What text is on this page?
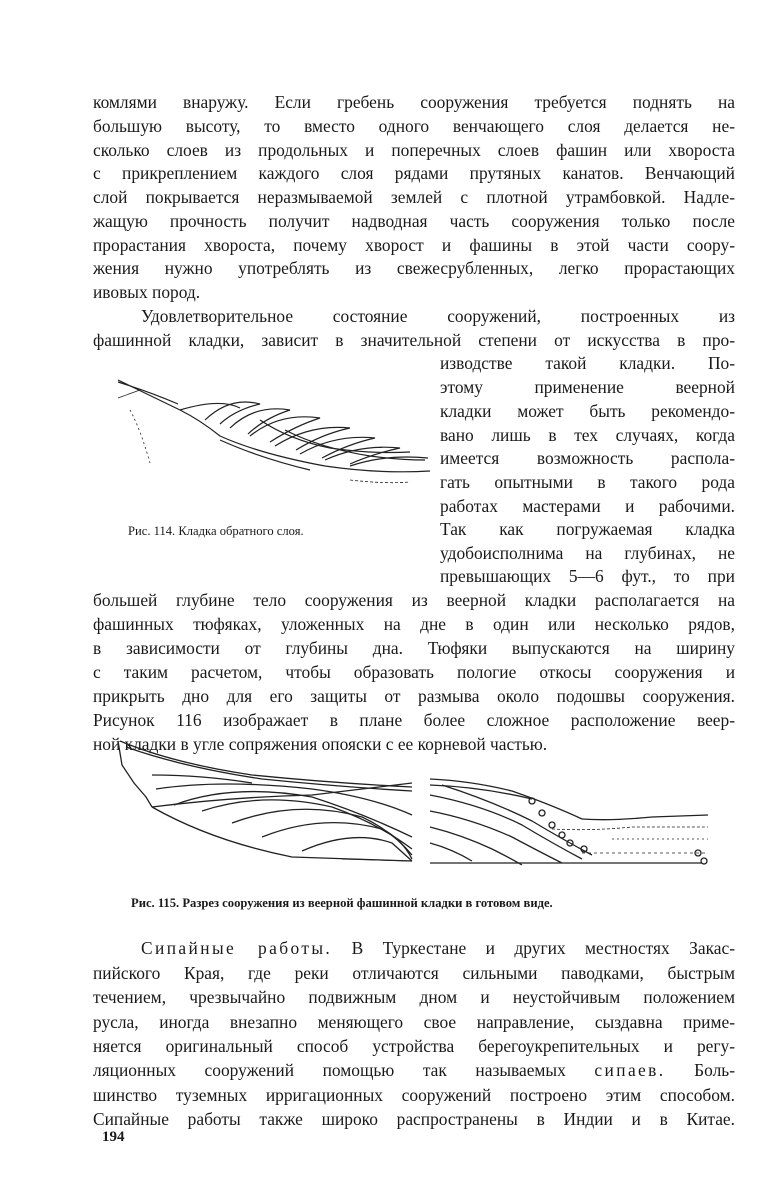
комлями внаружу. Если гребень сооружения требуется поднять на
большую высоту, то вместо одного венчающего слоя делается не-
сколько слоев из продольных и поперечных слоев фашин или хвороста
с прикреплением каждого слоя рядами прутяных канатов. Венчающий
слой покрывается неразмываемой землей с плотной утрамбовкой. Надле-
жащую прочность получит надводная часть сооружения только после
прорастания хвороста, почему хворост и фашины в этой части соору-
жения нужно употреблять из свежесрубленных, легко прорастающих
ивовых пород.
Удовлетворительное состояние сооружений, построенных из
фашинной кладки, зависит в значительной степени от искусства в про-
изводстве такой кладки. По-
этому применение веерной
кладки может быть рекомендо-
вано лишь в тех случаях, когда
имеется возможность распола-
гать опытными в такого рода
работах мастерами и рабочими.
Так как погружаемая кладка
удобоисполнима на глубинах, не
превышающих 5—6 фут., то при
Рис. 114. Кладка обратного слоя.
большей глубине тело сооружения из веерной кладки располагается на
фашинных тюфяках, уложенных на дне в один или несколько рядов,
в зависимости от глубины дна. Тюфяки выпускаются на ширину
с таким расчетом, чтобы образовать пологие откосы сооружения и
прикрыть дно для его защиты от размыва около подошвы сооружения.
Рисунок 116 изображает в плане более сложное расположение веер-
ной кладки в угле сопряжения опояски с ее корневой частью.
Рис. 115. Разрез сооружения из веерной фашинной кладки в готовом виде.
Сипайные работы. В Туркестане и других местностях Закас-
пийского Края, где реки отличаются сильными паводками, быстрым
течением, чрезвычайно подвижным дном и неустойчивым положением
русла, иногда внезапно меняющего свое направление, сыздавна приме-
няется оригинальный способ устройства берегоукрепительных и регу-
ляционных сооружений помощью так называемых сипаев. Боль-
шинство туземных ирригационных сооружений построено этим способом.
Сипайные работы также широко распространены в Индии и в Китае.
194
